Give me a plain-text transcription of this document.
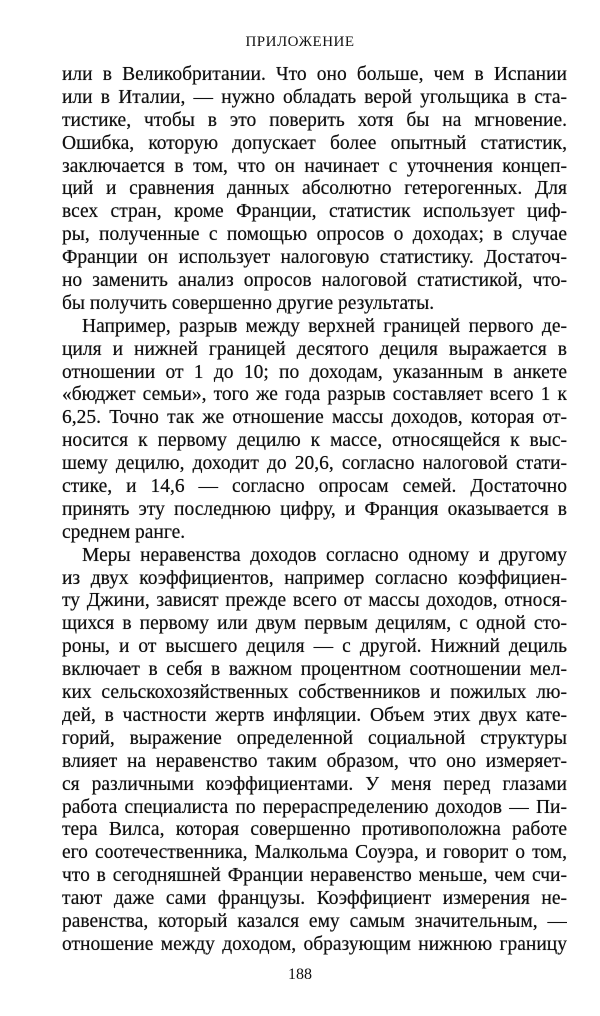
ПРИЛОЖЕНИЕ
или в Великобритании. Что оно больше, чем в Испании
или в Италии, — нужно обладать верой угольщика в ста-
тистике, чтобы в это поверить хотя бы на мгновение.
Ошибка, которую допускает более опытный статистик,
заключается в том, что он начинает с уточнения концеп-
ций и сравнения данных абсолютно гетерогенных. Для
всех стран, кроме Франции, статистик использует циф-
ры, полученные с помощью опросов о доходах; в случае
Франции он использует налоговую статистику. Достаточ-
но заменить анализ опросов налоговой статистикой, что-
бы получить совершенно другие результаты.
Например, разрыв между верхней границей первого де-
циля и нижней границей десятого дециля выражается в
отношении от 1 до 10; по доходам, указанным в анкете
«бюджет семьи», того же года разрыв составляет всего 1 к
6,25. Точно так же отношение массы доходов, которая от-
носится к первому децилю к массе, относящейся к выс-
шему децилю, доходит до 20,6, согласно налоговой стати-
стике, и 14,6 — согласно опросам семей. Достаточно
принять эту последнюю цифру, и Франция оказывается в
среднем ранге.
Меры неравенства доходов согласно одному и другому
из двух коэффициентов, например согласно коэффициен-
ту Джини, зависят прежде всего от массы доходов, относя-
щихся в первому или двум первым децилям, с одной сто-
роны, и от высшего дециля — с другой. Нижний дециль
включает в себя в важном процентном соотношении мел-
ких сельскохозяйственных собственников и пожилых лю-
дей, в частности жертв инфляции. Объем этих двух кате-
горий, выражение определенной социальной структуры
влияет на неравенство таким образом, что оно измеряет-
ся различными коэффициентами. У меня перед глазами
работа специалиста по перераспределению доходов — Пи-
тера Вилса, которая совершенно противоположна работе
его соотечественника, Малкольма Соуэра, и говорит о том,
что в сегодняшней Франции неравенство меньше, чем счи-
тают даже сами французы. Коэффициент измерения не-
равенства, который казался ему самым значительным, —
отношение между доходом, образующим нижнюю границу
188
